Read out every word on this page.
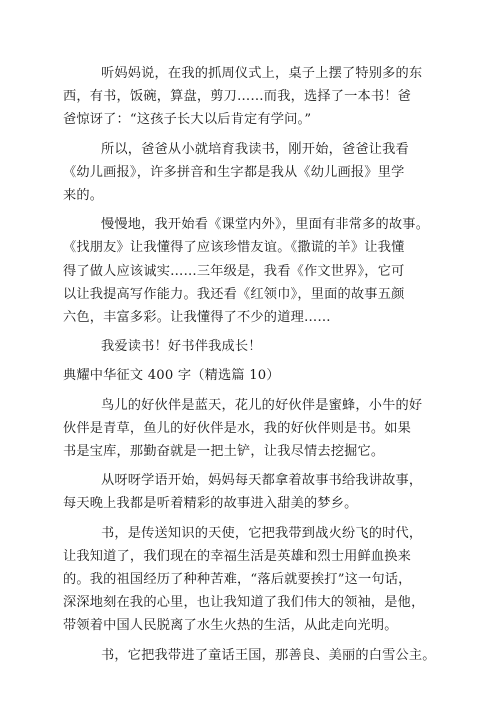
听妈妈说，在我的抓周仪式上，桌子上摆了特别多的东
西，有书，饭碗，算盘，剪刀……而我，选择了一本书！爸
爸惊讶了：“这孩子长大以后肯定有学问。”
所以，爸爸从小就培育我读书，刚开始，爸爸让我看
《幼儿画报》，许多拼音和生字都是我从《幼儿画报》里学
来的。
慢慢地，我开始看《课堂内外》，里面有非常多的故事。
《找朋友》让我懂得了应该珍惜友谊。《撒谎的羊》让我懂
得了做人应该诚实……三年级是，我看《作文世界》，它可
以让我提高写作能力。我还看《红领巾》，里面的故事五颜
六色，丰富多彩。让我懂得了不少的道理……
我爱读书！好书伴我成长！
典耀中华征文 400 字（精选篇 10）
鸟儿的好伙伴是蓝天，花儿的好伙伴是蜜蜂，小牛的好
伙伴是青草，鱼儿的好伙伴是水，我的好伙伴则是书。如果
书是宝库，那勤奋就是一把土铲，让我尽情去挖掘它。
从呀呀学语开始，妈妈每天都拿着故事书给我讲故事，
每天晚上我都是听着精彩的故事进入甜美的梦乡。
书，是传送知识的天使，它把我带到战火纷飞的时代，
让我知道了，我们现在的幸福生活是英雄和烈士用鲜血换来
的。我的祖国经历了种种苦难，“落后就要挨打”这一句话，
深深地刻在我的心里，也让我知道了我们伟大的领袖，是他，
带领着中国人民脱离了水生火热的生活，从此走向光明。
书，它把我带进了童话王国，那善良、美丽的白雪公主。
